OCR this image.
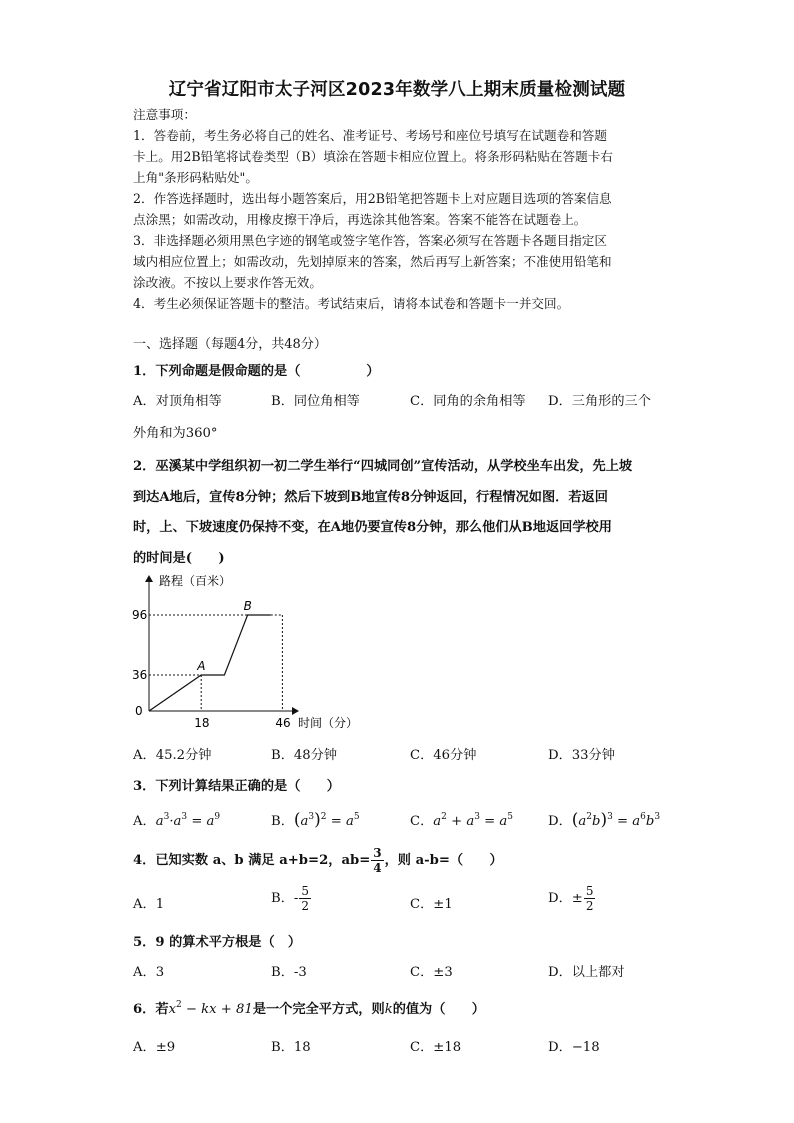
辽宁省辽阳市太子河区2023年数学八上期末质量检测试题
注意事项：
1．答卷前，考生务必将自己的姓名、准考证号、考场号和座位号填写在试题卷和答题
卡上。用2B铅笔将试卷类型（B）填涂在答题卡相应位置上。将条形码粘贴在答题卡右
上角"条形码粘贴处"。
2．作答选择题时，选出每小题答案后，用2B铅笔把答题卡上对应题目选项的答案信息
点涂黑；如需改动，用橡皮擦干净后，再选涂其他答案。答案不能答在试题卷上。
3．非选择题必须用黑色字迹的钢笔或签字笔作答，答案必须写在答题卡各题目指定区
域内相应位置上；如需改动，先划掉原来的答案，然后再写上新答案；不准使用铅笔和
涂改液。不按以上要求作答无效。
4．考生必须保证答题卡的整洁。考试结束后，请将本试卷和答题卡一并交回。
一、选择题（每题4分，共48分）
1．下列命题是假命题的是（　　　　　）
A．对顶角相等	B．同位角相等	C．同角的余角相等 D．三角形的三个
外角和为360°
2．巫溪某中学组织初一初二学生举行“四城同创”宣传活动，从学校坐车出发，先上坡
到达A地后，宣传8分钟；然后下坡到B地宣传8分钟返回，行程情况如图．若返回
时，上、下坡速度仍保持不变，在A地仍要宣传8分钟，那么他们从B地返回学校用
的时间是(　　)
路程（百米）
时间（分）
A
B
0
18	46
36
96
A．45.2分钟	B．48分钟	C．46分钟	D．33分钟
3．下列计算结果正确的是（　　）
A．$a^3\cdot a^3 = a^9$	B．$(a^3)^2 = a^5$	C．$a^2 + a^3 = a^5$	D．$(a^2b)^3 = a^6b^3$
4．已知实数 a、b 满足 a+b=2，$ab= \frac{3}{4}$ ，则 a-b=（　　）
A．1	B．- $\frac{5}{2}$	C．±1	D．± $\frac{5}{2}$
5．9 的算术平方根是（　）
A．3	B．-3	C．±3	D．以上都对
6．若$x^2$ − kx + 81是一个完全平方式，则k的值为（　　）
A．±9	B．18	C．±18	D．−18
